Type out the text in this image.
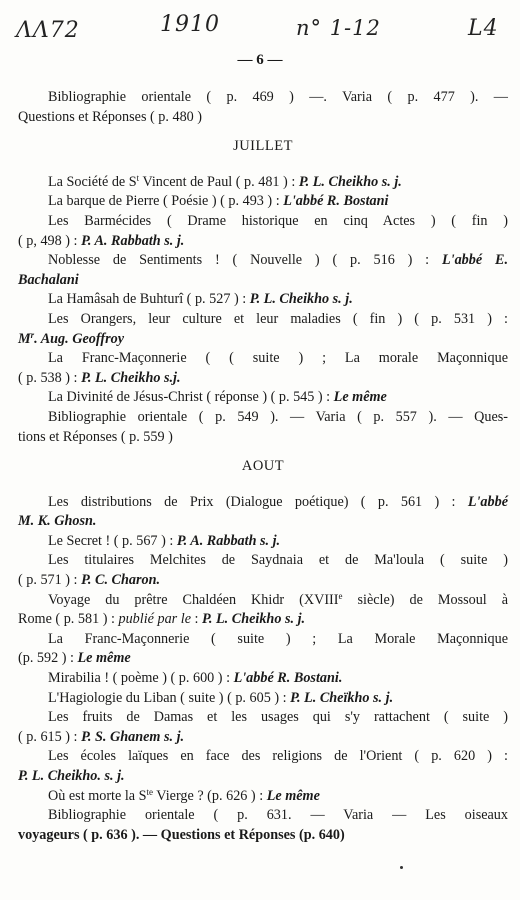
ΛΛ72	1910	n° 1-12	L4
— 6 —
Bibliographie orientale ( p. 469 ) —. Varia ( p. 477 ). —
Questions et Réponses ( p. 480 )
JUILLET
La Société de $S^t$ Vincent de Paul ( p. 481 ) : P. L. Cheikho s. j.
La barque de Pierre ( Poésie ) ( p. 493 ) : L'abbé R. Bostani
Les Barmécides ( Drame historique en cinq Actes ) ( fin )
( p, 498 ) : P. A. Rabbath s. j.
Noblesse de Sentiments ! ( Nouvelle ) ( p. 516 ) : L'abbé E.
Bachalani
La Hamâsah de Buhturî ( p. 527 ) : P. L. Cheikho s. j.
Les Orangers, leur culture et leur maladies ( fin ) ( p. 531 ) :
$M^r$. Aug. Geoffroy
La Franc-Maçonnerie ( ( suite ) ; La morale Maçonnique
( p. 538 ) : P. L. Cheikho s.j.
La Divinité de Jésus-Christ ( réponse ) ( p. 545 ) : Le même
Bibliographie orientale ( p. 549 ). — Varia ( p. 557 ). — Ques-
tions et Réponses ( p. 559 )
AOUT
Les distributions de Prix (Dialogue poétique) ( p. 561 ) : L'abbé
M. K. Ghosn.
Le Secret ! ( p. 567 ) : P. A. Rabbath s. j.
Les titulaires Melchites de Saydnaia et de Ma'loula ( suite )
( p. 571 ) : P. C. Charon.
Voyage du prêtre Chaldéen Khidr (XVIIIe siècle) de Mossoul à
Rome ( p. 581 ) : publié par le : P. L. Cheikho s. j.
La Franc-Maçonnerie ( suite ) ; La Morale Maçonnique
(p. 592 ) : Le même
Mirabilia ! ( poème ) ( p. 600 ) : L'abbé R. Bostani.
L'Hagiologie du Liban ( suite ) ( p. 605 ) : P. L. Cheïkho s. j.
Les fruits de Damas et les usages qui s'y rattachent ( suite )
( p. 615 ) : P. S. Ghanem s. j.
Les écoles laïques en face des religions de l'Orient ( p. 620 ) :
P. L. Cheikho. s. j.
Où est morte la $S^{te}$ Vierge ? (p. 626 ) : Le même
Bibliographie orientale ( p. 631. — Varia — Les oiseaux
voyageurs ( p. 636 ). — Questions et Réponses (p. 640)
